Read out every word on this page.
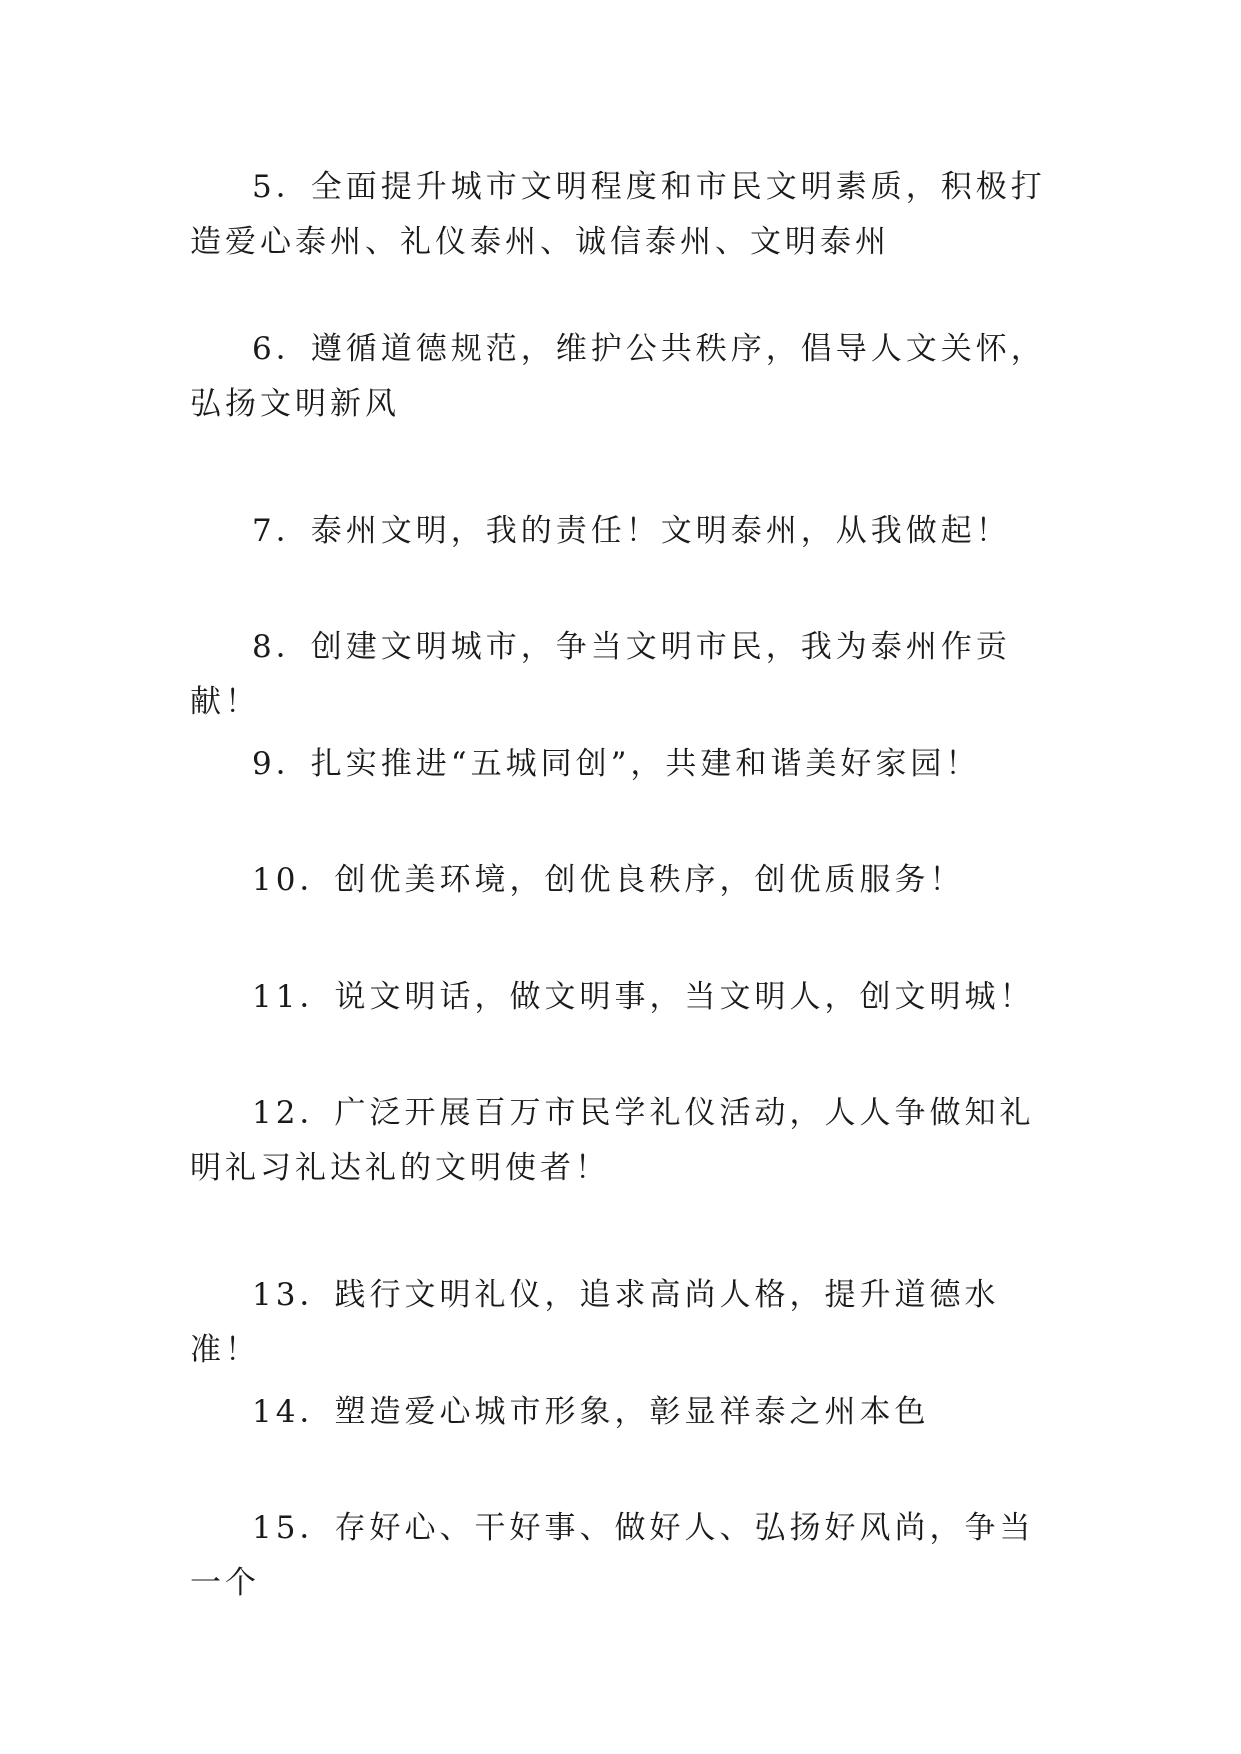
5．全面提升城市文明程度和市民文明素质，积极打造爱心泰州、礼仪泰州、诚信泰州、文明泰州

6．遵循道德规范，维护公共秩序，倡导人文关怀，弘扬文明新风

7．泰州文明，我的责任！文明泰州，从我做起！

8．创建文明城市，争当文明市民，我为泰州作贡献！

9．扎实推进“五城同创”，共建和谐美好家园！

10．创优美环境，创优良秩序，创优质服务！

11．说文明话，做文明事，当文明人，创文明城！

12．广泛开展百万市民学礼仪活动，人人争做知礼明礼习礼达礼的文明使者！

13．践行文明礼仪，追求高尚人格，提升道德水准！

14．塑造爱心城市形象，彰显祥泰之州本色

15．存好心、干好事、做好人、弘扬好风尚，争当一个
